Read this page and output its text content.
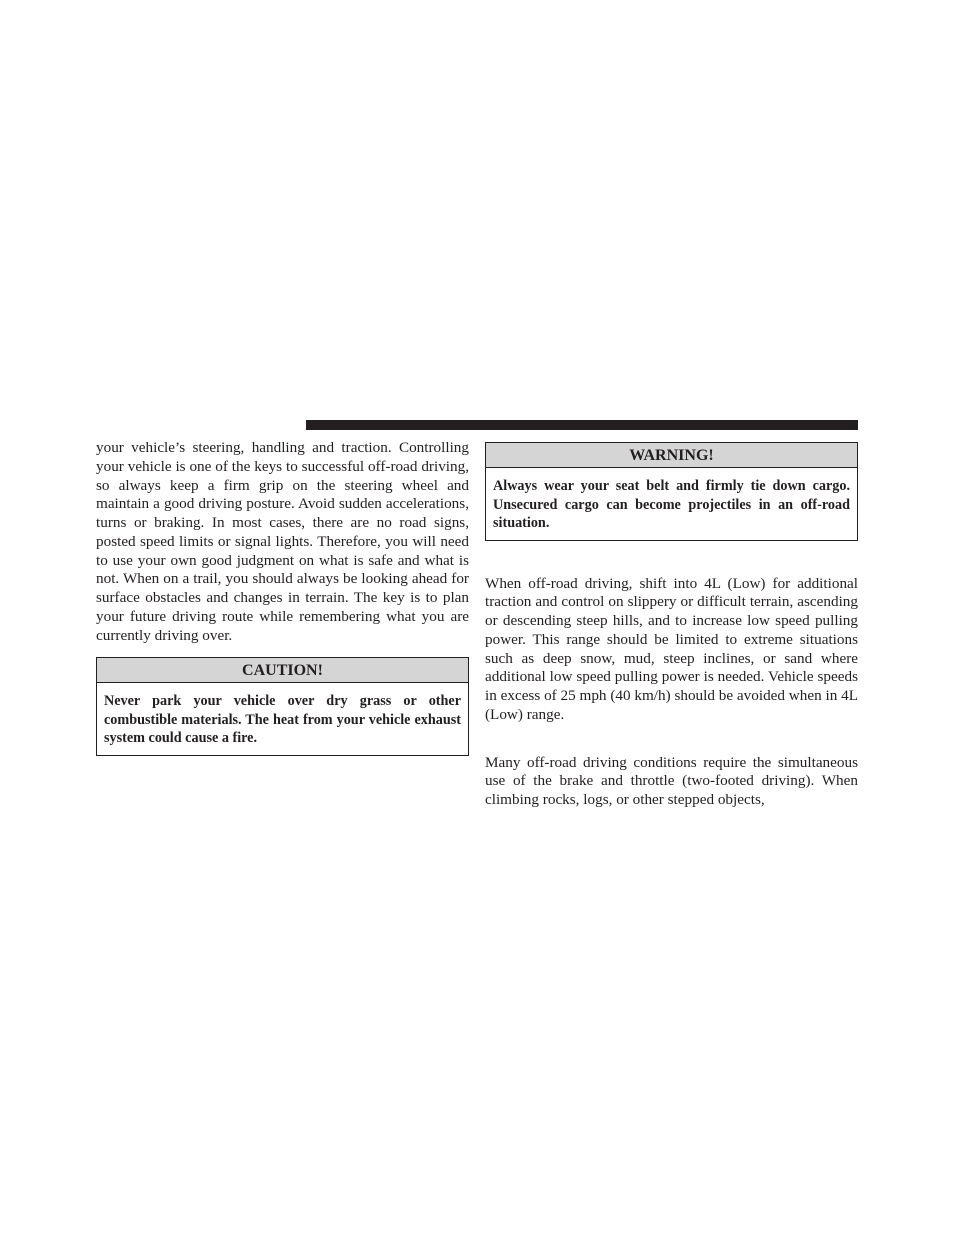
your vehicle’s steering, handling and traction. Controlling your vehicle is one of the keys to successful off-road driving, so always keep a firm grip on the steering wheel and maintain a good driving posture. Avoid sudden accelerations, turns or braking. In most cases, there are no road signs, posted speed limits or signal lights. Therefore, you will need to use your own good judgment on what is safe and what is not. When on a trail, you should always be looking ahead for surface obstacles and changes in terrain. The key is to plan your future driving route while remembering what you are currently driving over.

CAUTION!

Never park your vehicle over dry grass or other combustible materials. The heat from your vehicle exhaust system could cause a fire.

WARNING!

Always wear your seat belt and firmly tie down cargo. Unsecured cargo can become projectiles in an off-road situation.

When off-road driving, shift into 4L (Low) for additional traction and control on slippery or difficult terrain, ascending or descending steep hills, and to increase low speed pulling power. This range should be limited to extreme situations such as deep snow, mud, steep inclines, or sand where additional low speed pulling power is needed. Vehicle speeds in excess of 25 mph (40 km/h) should be avoided when in 4L (Low) range.

Many off-road driving conditions require the simultaneous use of the brake and throttle (two-footed driving). When climbing rocks, logs, or other stepped objects,
